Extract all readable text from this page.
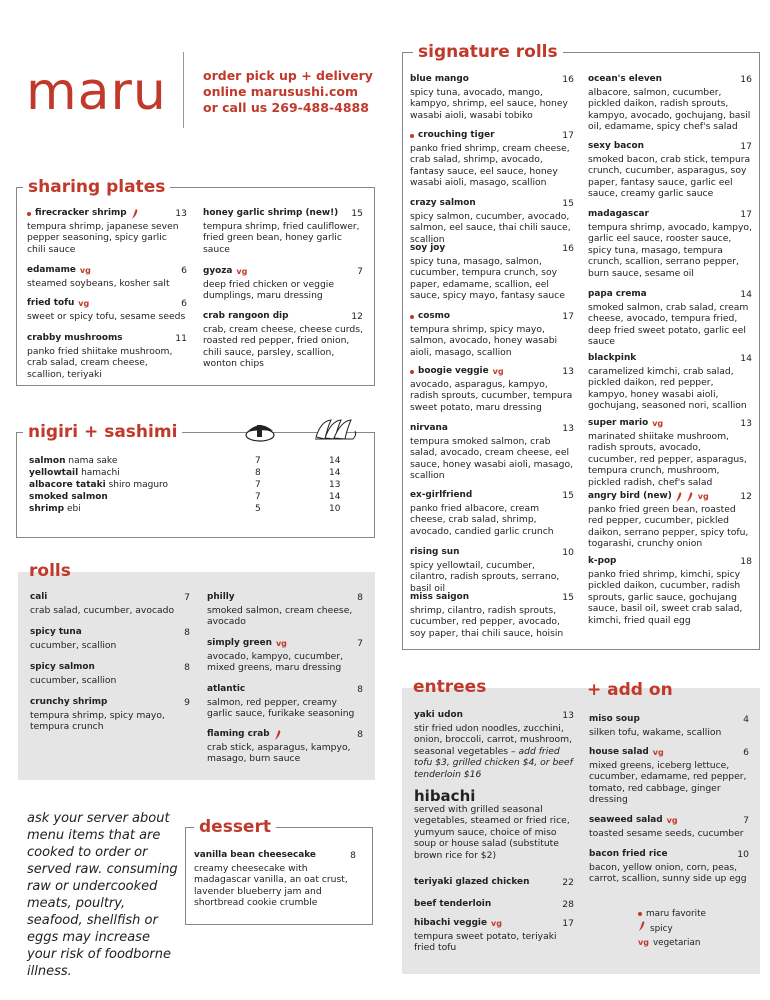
maru	order pick up + delivery
online marusushi.com
or call us 269-488-4888
sharing plates
firecracker shrimp	13
tempura shrimp, japanese seven pepper seasoning, spicy garlic chili sauce
edamame vg	6
steamed soybeans, kosher salt
fried tofu vg	6
sweet or spicy tofu, sesame seeds
crabby mushrooms	11
panko fried shiitake mushroom, crab salad, cream cheese, scallion, teriyaki
honey garlic shrimp (new!) 15
tempura shrimp, fried cauliflower, fried green bean, honey garlic sauce
gyoza vg	7
deep fried chicken or veggie dumplings, maru dressing
crab rangoon dip	12
crab, cream cheese, cheese curds, roasted red pepper, fried onion, chili sauce, parsley, scallion, wonton chips
nigiri + sashimi
salmon nama sake	7	14
yellowtail hamachi	8	14
albacore tataki shiro maguro	7	13
smoked salmon	7	14
shrimp ebi	5	10
rolls
cali	7
crab salad, cucumber, avocado
spicy tuna	8
cucumber, scallion
spicy salmon	8
cucumber, scallion
crunchy shrimp	9
tempura shrimp, spicy mayo, tempura crunch
philly	8
smoked salmon, cream cheese, avocado
simply green vg	7
avocado, kampyo, cucumber, mixed greens, maru dressing
atlantic	8
salmon, red pepper, creamy garlic sauce, furikake seasoning
flaming crab	8
crab stick, asparagus, kampyo, masago, burn sauce
ask your server about menu items that are cooked to order or served raw. consuming raw or undercooked meats, poultry, seafood, shellfish or eggs may increase your risk of foodborne illness.
dessert
vanilla bean cheesecake	8
creamy cheesecake with madagascar vanilla, an oat crust, lavender blueberry jam and shortbread cookie crumble
signature rolls
entrees	+ add on
yaki udon	13
stir fried udon noodles, zucchini, onion, broccoli, carrot, mushroom, seasonal vegetables – add fried tofu $3, grilled chicken $4, or beef tenderloin $16
hibachi
served with grilled seasonal vegetables, steamed or fried rice, yumyum sauce, choice of miso soup or house salad (substitute brown rice for $2)
teriyaki glazed chicken	22
beef tenderloin	28
hibachi veggie vg	17
tempura sweet potato, teriyaki fried tofu
miso soup	4
silken tofu, wakame, scallion
house salad vg	6
mixed greens, iceberg lettuce, cucumber, edamame, red pepper, tomato, red cabbage, ginger dressing
seaweed salad vg	7
toasted sesame seeds, cucumber
bacon fried rice	10
bacon, yellow onion, corn, peas, carrot, scallion, sunny side up egg
maru favorite
spicy
vg vegetarian
blue mango	16
spicy tuna, avocado, mango, kampyo, shrimp, eel sauce, honey wasabi aioli, wasabi tobiko
crouching tiger	17
panko fried shrimp, cream cheese, crab salad, shrimp, avocado, fantasy sauce, eel sauce, honey wasabi aioli, masago, scallion
crazy salmon	15
spicy salmon, cucumber, avocado, salmon, eel sauce, thai chili sauce, scallion
soy joy	16
spicy tuna, masago, salmon, cucumber, tempura crunch, soy paper, edamame, scallion, eel sauce, spicy mayo, fantasy sauce
cosmo	17
tempura shrimp, spicy mayo, salmon, avocado, honey wasabi aioli, masago, scallion
boogie veggie vg	13
avocado, asparagus, kampyo, radish sprouts, cucumber, tempura sweet potato, maru dressing
nirvana	13
tempura smoked salmon, crab salad, avocado, cream cheese, eel sauce, honey wasabi aioli, masago, scallion
ex-girlfriend	15
panko fried albacore, cream cheese, crab salad, shrimp, avocado, candied garlic crunch
rising sun	10
spicy yellowtail, cucumber, cilantro, radish sprouts, serrano, basil oil
miss saigon	15
shrimp, cilantro, radish sprouts, cucumber, red pepper, avocado, soy paper, thai chili sauce, hoisin
ocean's eleven	16
albacore, salmon, cucumber, pickled daikon, radish sprouts, kampyo, avocado, gochujang, basil oil, edamame, spicy chef's salad
sexy bacon	17
smoked bacon, crab stick, tempura crunch, cucumber, asparagus, soy paper, fantasy sauce, garlic eel sauce, creamy garlic sauce
madagascar	17
tempura shrimp, avocado, kampyo, garlic eel sauce, rooster sauce, spicy tuna, masago, tempura crunch, scallion, serrano pepper, burn sauce, sesame oil
papa crema	14
smoked salmon, crab salad, cream cheese, avocado, tempura fried, deep fried sweet potato, garlic eel sauce
blackpink	14
caramelized kimchi, crab salad, pickled daikon, red pepper, kampyo, honey wasabi aioli, gochujang, seasoned nori, scallion
super mario vg	13
marinated shiitake mushroom, radish sprouts, avocado, cucumber, red pepper, asparagus, tempura crunch, mushroom, pickled radish, chef's salad
angry bird (new)	vg	12
panko fried green bean, roasted red pepper, cucumber, pickled daikon, serrano pepper, spicy tofu, togarashi, crunchy onion
k-pop	18
panko fried shrimp, kimchi, spicy pickled daikon, cucumber, radish sprouts, garlic sauce, gochujang sauce, basil oil, sweet crab salad, kimchi, fried quail egg
